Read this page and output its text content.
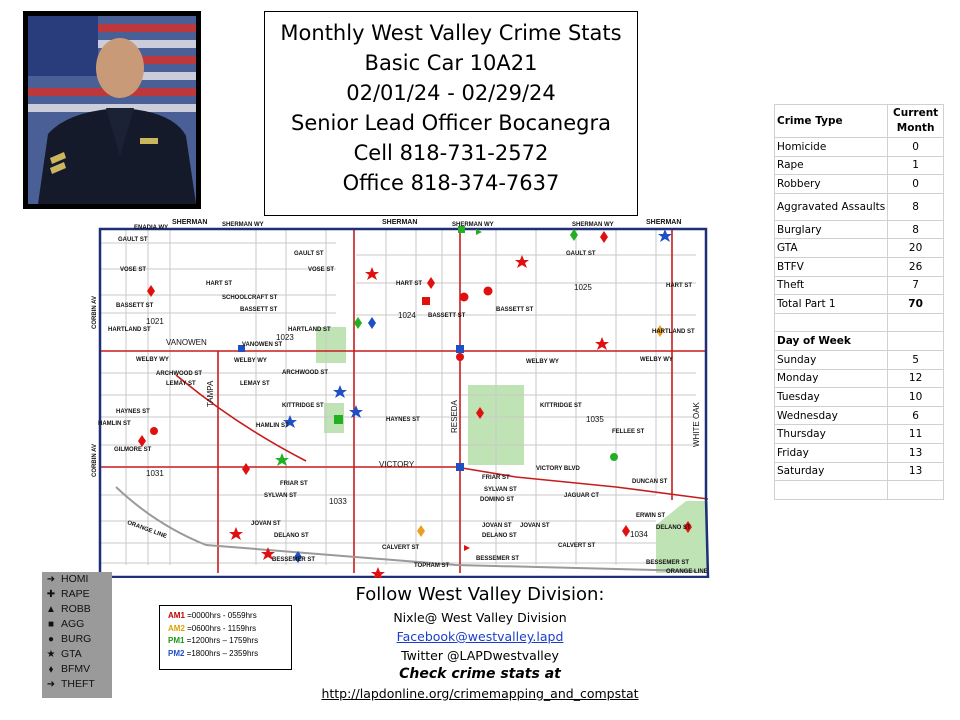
Monthly West Valley Crime Stats
Basic Car 10A21
02/01/24 - 02/29/24
Senior Lead Officer Bocanegra
Cell 818-731-2572
Office 818-374-7637
Crime Type	Current Month
Homicide	0
Rape	1
Robbery	0
Aggravated Assaults	8
Burglary	8
GTA	20
BTFV	26
Theft	7
Total Part 1	70

Day of Week	
Sunday	5
Monday	12
Tuesday	10
Wednesday	6
Thursday	11
Friday	13
Saturday	13

SHERMAN SHERMAN WY	SHERMAN	SHERMAN WY	SHERMAN WY	SHERMAN
1021
1023
1024
1025
1031
1033
1034
1035
VANOWEN	VANOWEN ST
VICTORY	VICTORY BLVD
RESEDA
TAMPA
WHITE OAK
ORANGE LINE
ORANGE LINE
GAULT ST
GAULT ST	GAULT ST
ENADIA WY
VOSE ST	VOSE ST
HART ST	HART ST	HART ST
BASSETT ST
BASSETT ST
BASSETT ST
BASSETT ST
SCHOOLCRAFT ST
HARTLAND ST	HARTLAND ST	HARTLAND ST
WELBY WY	WELBY WY	WELBY WY	WELBY WY
ARCHWOOD ST	ARCHWOOD ST
LEMAY ST	LEMAY ST
HAYNES ST
HAYNES ST
KITTRIDGE ST	KITTRIDGE ST
HAMLIN ST	HAMLIN ST
GILMORE ST
FELLEE ST
FRIAR ST
FRIAR ST
SYLVAN ST
SYLVAN ST
DOMINO ST
DUNCAN ST
JAGUAR CT
ERWIN ST
JOVAN ST	JOVAN ST JOVAN ST
DELANO ST	DELANO ST
DELANO ST
CALVERT ST	CALVERT ST
BESSEMER ST	BESSEMER ST
BESSEMER ST
TOPHAM ST
CORBIN AV
CORBIN AV
➜ HOMI
✚ RAPE
▲ ROBB
■ AGG
● BURG
★ GTA
⬧ BFMV
➜ THEFT
AM1 =0000hrs - 0559hrs
AM2 =0600hrs - 1159hrs
PM1 =1200hrs – 1759hrs
PM2 =1800hrs – 2359hrs
Follow West Valley Division:
Nixle@ West Valley Division
Facebook@westvalley.lapd
Twitter @LAPDwestvalley
Check crime stats at
http://lapdonline.org/crimemapping_and_compstat
